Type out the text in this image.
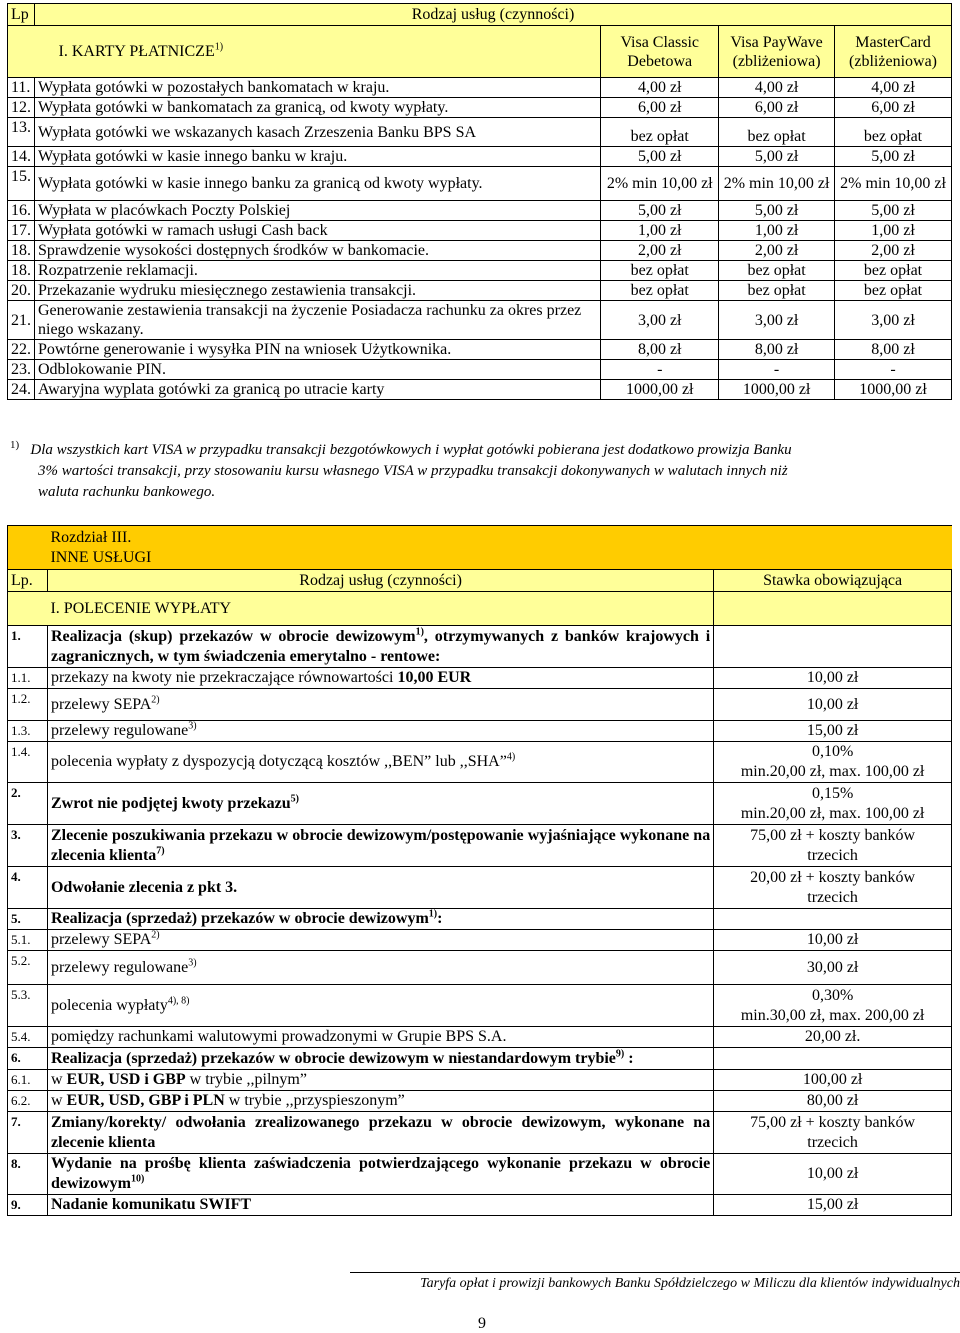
Lp	Rodzaj usług (czynności)			
	I. KARTY PŁATNICZE$^{1)}$	Visa Classic Debetowa	Visa PayWave (zbliżeniowa)	MasterCard (zbliżeniowa)
11.	Wypłata gotówki w pozostałych bankomatach w kraju.	4,00 zł	4,00 zł	4,00 zł
12.	Wypłata gotówki w bankomatach za granicą, od kwoty wypłaty.	6,00 zł	6,00 zł	6,00 zł
13.	Wypłata gotówki we wskazanych kasach Zrzeszenia Banku BPS SA	bez opłat	bez opłat	bez opłat
14.	Wypłata gotówki w kasie innego banku w kraju.	5,00 zł	5,00 zł	5,00 zł
15.	Wypłata gotówki w kasie innego banku za granicą od kwoty wypłaty.	2% min 10,00 zł	2% min 10,00 zł	2% min 10,00 zł
16.	Wypłata w placówkach Poczty Polskiej	5,00 zł	5,00 zł	5,00 zł
17.	Wypłata gotówki w ramach usługi Cash back	1,00 zł	1,00 zł	1,00 zł
18.	Sprawdzenie wysokości dostępnych środków w bankomacie.	2,00 zł	2,00 zł	2,00 zł
18.	Rozpatrzenie reklamacji.	bez opłat	bez opłat	bez opłat
20.	Przekazanie wydruku miesięcznego zestawienia transakcji.	bez opłat	bez opłat	bez opłat
21.	Generowanie zestawienia transakcji na życzenie Posiadacza rachunku za okres przez niego wskazany.	3,00 zł	3,00 zł	3,00 zł
22.	Powtórne generowanie i wysyłka PIN na wniosek Użytkownika.	8,00 zł	8,00 zł	8,00 zł
23.	Odblokowanie PIN.	-	-	-
24.	Awaryjna wyplata gotówki za granicą po utracie karty	1000,00 zł	1000,00 zł	1000,00 zł
$^{1)}$ Dla wszystkich kart VISA w przypadku transakcji bezgotówkowych i wypłat gotówki pobierana jest dodatkowo prowizja Banku
3% wartości transakcji, przy stosowaniu kursu własnego VISA w przypadku transakcji dokonywanych w walutach innych niż
waluta rachunku bankowego.

	Rozdział III.
INNE USŁUGI	

Lp.	Rodzaj usług (czynności)	Stawka obowiązująca
	I. POLECENIE WYPŁATY	
1.	Realizacja (skup) przekazów w obrocie dewizowym$^{1)}$, otrzymywanych z banków krajowych i zagranicznych, w tym świadczenia emerytalno - rentowe:	

1.1.	przekazy na kwoty nie przekraczające równowartości 10,00 EUR	10,00 zł

1.2.	przelewy SEPA$^{2)}$	10,00 zł

1.3.	przelewy regulowane$^{3)}$	15,00 zł

1.4.	polecenia wypłaty z dyspozycją dotyczącą kosztów ,,BEN” lub ,,SHA”$^{4)}$	0,10%
min.20,00 zł, max. 100,00 zł

2.	Zwrot nie podjętej kwoty przekazu$^{5)}$	0,15%
min.20,00 zł, max. 100,00 zł

3.	Zlecenie poszukiwania przekazu w obrocie dewizowym/postępowanie wyjaśniające wykonane na zlecenia klienta$^{7)}$	75,00 zł + koszty banków
trzecich

4.	Odwołanie zlecenia z pkt 3.	20,00 zł + koszty banków
trzecich

5.	Realizacja (sprzedaż) przekazów w obrocie dewizowym$^{1)}$:	

5.1.	przelewy SEPA$^{2)}$	10,00 zł

5.2.	przelewy regulowane$^{3)}$	30,00 zł

5.3.	polecenia wypłaty$^{4), 8)}$	0,30%
min.30,00 zł, max. 200,00 zł

5.4.	pomiędzy rachunkami walutowymi prowadzonymi w Grupie BPS S.A.	20,00 zł.

6.	Realizacja (sprzedaż) przekazów w obrocie dewizowym w niestandardowym trybie$^{9)}$ :	

6.1.	w EUR, USD i GBP w trybie ,,pilnym”	100,00 zł

6.2.	w EUR, USD, GBP i PLN w trybie ,,przyspieszonym”	80,00 zł

7.	Zmiany/korekty/ odwołania zrealizowanego przekazu w obrocie dewizowym, wykonane na zlecenie klienta	75,00 zł + koszty banków
trzecich

8.	Wydanie na prośbę klienta zaświadczenia potwierdzającego wykonanie przekazu w obrocie dewizowym$^{10)}$	10,00 zł

9.	Nadanie komunikatu SWIFT	15,00 zł
Taryfa opłat i prowizji bankowych Banku Spółdzielczego w Miliczu dla klientów indywidualnych
9
